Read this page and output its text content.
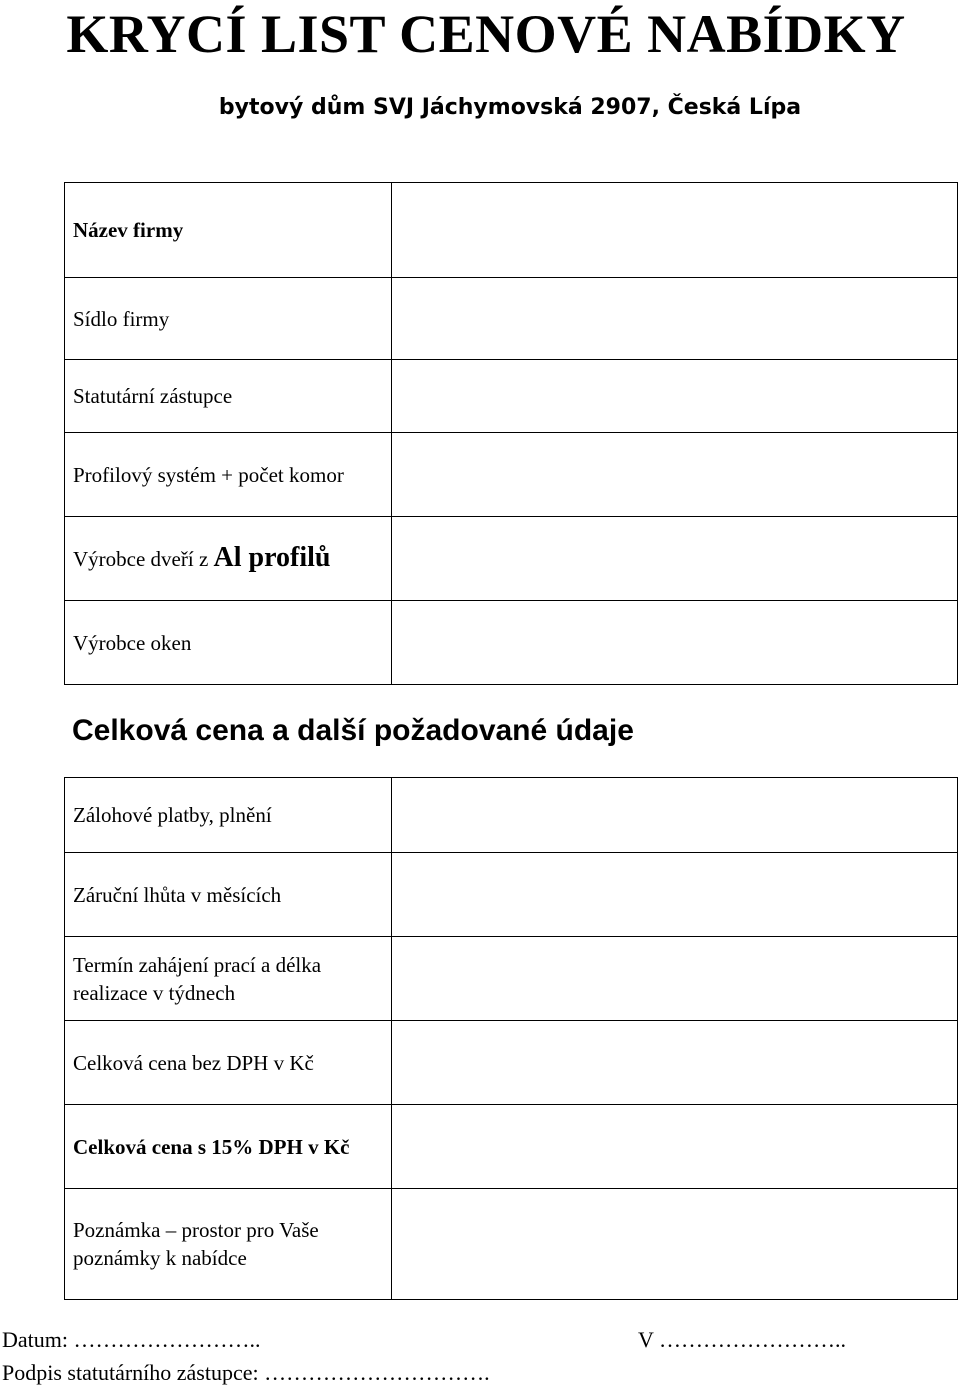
KRYCÍ LIST CENOVÉ NABÍDKY
bytový dům SVJ Jáchymovská 2907, Česká Lípa
Název firmy	
Sídlo firmy	
Statutární zástupce	
Profilový systém + počet komor	
Výrobce dveří z Al profilů	
Výrobce oken	
Celková cena a další požadované údaje
Zálohové platby, plnění	
Záruční lhůta v měsících	

Termín zahájení prací a délka
realizace v týdnech	

Celková cena bez DPH v Kč	
Celková cena s 15% DPH v Kč	

Poznámka – prostor pro Vaše
poznámky k nabídce	

Datum: ……………………..	V ……………………..
Podpis statutárního zástupce: ………………………….
